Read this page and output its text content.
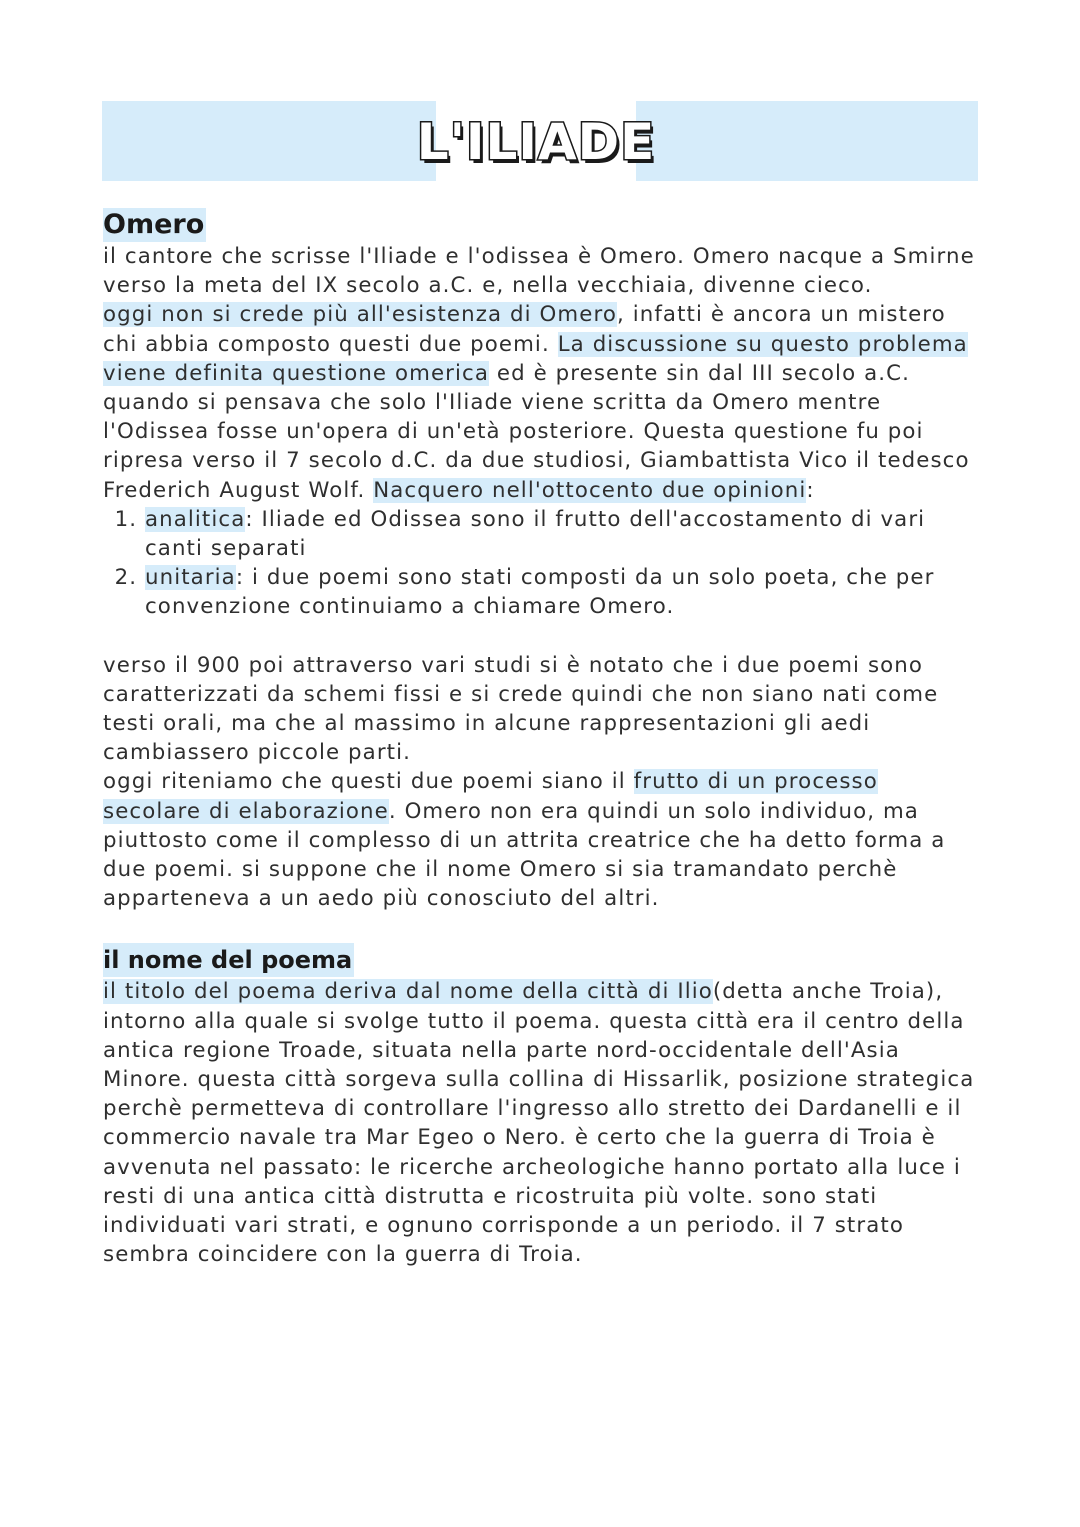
L'ILIADE
Omero

il cantore che scrisse l'Iliade e l'odissea è Omero. Omero nacque a Smirne verso la meta del IX secolo a.C. e, nella vecchiaia, divenne cieco.

oggi non si crede più all'esistenza di Omero, infatti è ancora un mistero chi abbia composto questi due poemi. La discussione su questo problema viene definita questione omerica ed è presente sin dal III secolo a.C. quando si pensava che solo l'Iliade viene scritta da Omero mentre l'Odissea fosse un'opera di un'età posteriore. Questa questione fu poi ripresa verso il 7 secolo d.C. da due studiosi, Giambattista Vico il tedesco Frederich August Wolf. Nacquero nell'ottocento due opinioni:

1. analitica: Iliade ed Odissea sono il frutto dell'accostamento di vari canti separati
2. unitaria: i due poemi sono stati composti da un solo poeta, che per convenzione continuiamo a chiamare Omero.

verso il 900 poi attraverso vari studi si è notato che i due poemi sono caratterizzati da schemi fissi e si crede quindi che non siano nati come testi orali, ma che al massimo in alcune rappresentazioni gli aedi cambiassero piccole parti.

oggi riteniamo che questi due poemi siano il frutto di un processo secolare di elaborazione. Omero non era quindi un solo individuo, ma piuttosto come il complesso di un attrita creatrice che ha detto forma a due poemi. si suppone che il nome Omero si sia tramandato perchè apparteneva a un aedo più conosciuto del altri.

il nome del poema

il titolo del poema deriva dal nome della città di Ilio(detta anche Troia), intorno alla quale si svolge tutto il poema. questa città era il centro della antica regione Troade, situata nella parte nord-occidentale dell'Asia Minore. questa città sorgeva sulla collina di Hissarlik, posizione strategica perchè permetteva di controllare l'ingresso allo stretto dei Dardanelli e il commercio navale tra Mar Egeo o Nero. è certo che la guerra di Troia è avvenuta nel passato: le ricerche archeologiche hanno portato alla luce i resti di una antica città distrutta e ricostruita più volte. sono stati individuati vari strati, e ognuno corrisponde a un periodo. il 7 strato sembra coincidere con la guerra di Troia.
